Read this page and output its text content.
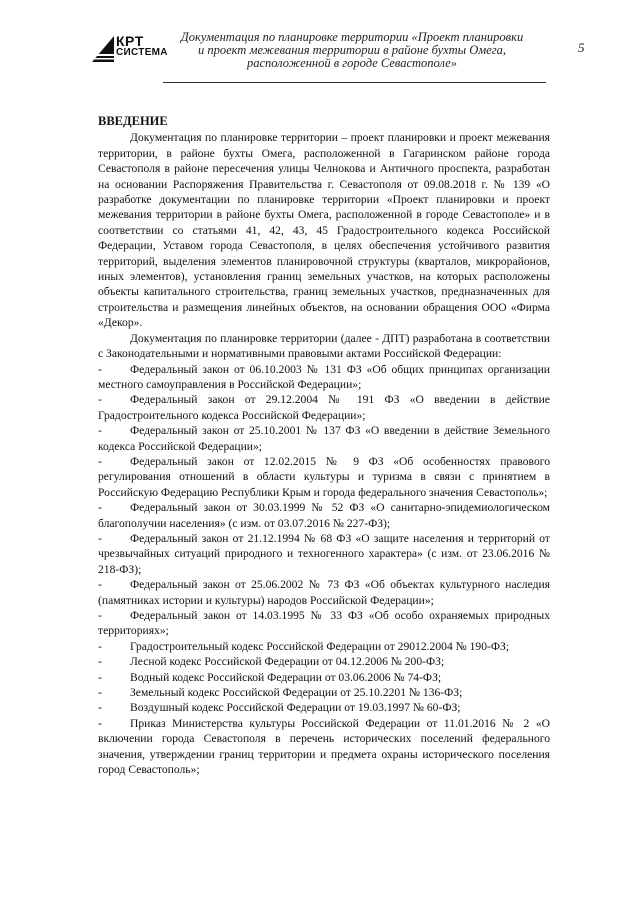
КРТ
СИСТЕМА
Документация по планировке территории «Проект планировки
и проект межевания территории в районе бухты Омега,
расположенной в городе Севастополе»
5
ВВЕДЕНИЕ

Документация по планировке территории – проект планировки и проект межевания территории, в районе бухты Омега, расположенной в Гагаринском районе города Севастополя в районе пересечения улицы Челнокова и Античного проспекта, разработан на основании Распоряжения Правительства г. Севастополя от 09.08.2018 г. № 139 «О разработке документации по планировке территории «Проект планировки и проект межевания территории в районе бухты Омега, расположенной в городе Севастополе» и в соответствии со статьями 41, 42, 43, 45 Градостроительного кодекса Российской Федерации, Уставом города Севастополя, в целях обеспечения устойчивого развития территорий, выделения элементов планировочной структуры (кварталов, микрорайонов, иных элементов), установления границ земельных участков, на которых расположены объекты капитального строительства, границ земельных участков, предназначенных для строительства и размещения линейных объектов, на основании обращения ООО «Фирма «Декор».

Документация по планировке территории (далее - ДПТ) разработана в соответствии с Законодательными и нормативными правовыми актами Российской Федерации:

-	Федеральный закон от 06.10.2003 № 131 ФЗ «Об общих принципах организации местного самоуправления в Российской Федерации»;
-	Федеральный закон от 29.12.2004 № 191 ФЗ «О введении в действие Градостроительного кодекса Российской Федерации»;
-	Федеральный закон от 25.10.2001 № 137 ФЗ «О введении в действие Земельного кодекса Российской Федерации»;
-	Федеральный закон от 12.02.2015 № 9 ФЗ «Об особенностях правового регулирования отношений в области культуры и туризма в связи с принятием в Российскую Федерацию Республики Крым и города федерального значения Севастополь»;
-	Федеральный закон от 30.03.1999 № 52 ФЗ «О санитарно-эпидемиологическом благополучии населения» (с изм. от 03.07.2016 № 227-ФЗ);
-	Федеральный закон от 21.12.1994 № 68 ФЗ «О защите населения и территорий от чрезвычайных ситуаций природного и техногенного характера» (с изм. от 23.06.2016 № 218-ФЗ);
-	Федеральный закон от 25.06.2002 № 73 ФЗ «Об объектах культурного наследия (памятниках истории и культуры) народов Российской Федерации»;
-	Федеральный закон от 14.03.1995 № 33 ФЗ «Об особо охраняемых природных территориях»;
-	Градостроительный кодекс Российской Федерации от 29012.2004 № 190-ФЗ;
-	Лесной кодекс Российской Федерации от 04.12.2006 № 200-ФЗ;
-	Водный кодекс Российской Федерации от 03.06.2006 № 74-ФЗ;
-	Земельный кодекс Российской Федерации от 25.10.2201 № 136-ФЗ;
-	Воздушный кодекс Российской Федерации от 19.03.1997 № 60-ФЗ;
-	Приказ Министерства культуры Российской Федерации от 11.01.2016 № 2 «О включении города Севастополя в перечень исторических поселений федерального значения, утверждении границ территории и предмета охраны исторического поселения город Севастополь»;
